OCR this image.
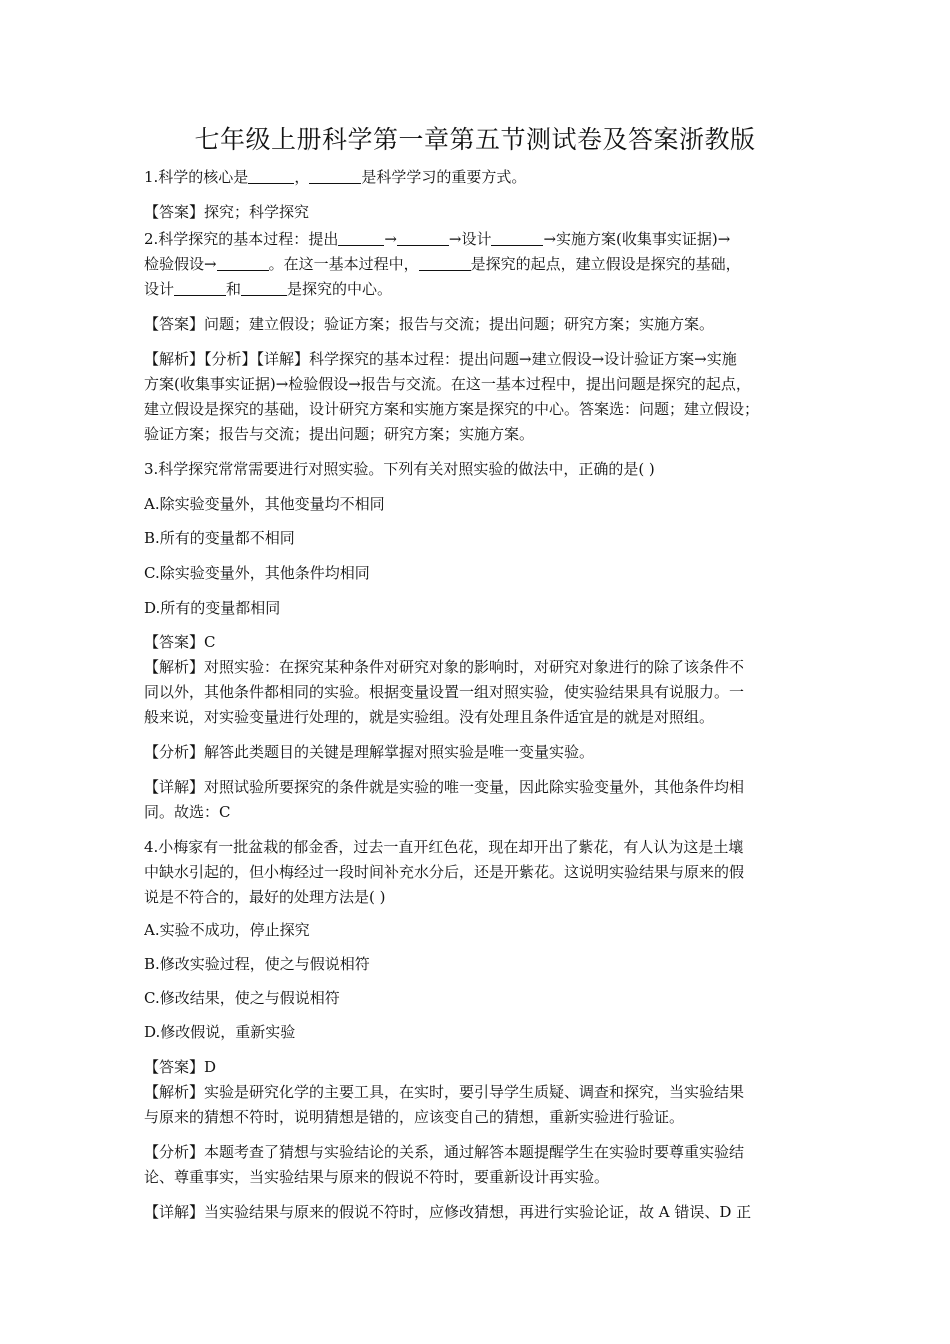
七年级上册科学第一章第五节测试卷及答案浙教版
1.科学的核心是	，	是科学学习的重要方式。
【答案】探究；科学探究
2.科学探究的基本过程：提出	→	→设计	→实施方案(收集事实证据)→
检验假设→	。在这一基本过程中，	是探究的起点，建立假设是探究的基础，
设计	和	是探究的中心。
【答案】问题；建立假设；验证方案；报告与交流；提出问题；研究方案；实施方案。
【解析】【分析】【详解】科学探究的基本过程：提出问题→建立假设→设计验证方案→实施
方案(收集事实证据)→检验假设→报告与交流。在这一基本过程中，提出问题是探究的起点，
建立假设是探究的基础，设计研究方案和实施方案是探究的中心。答案选：问题；建立假设；
验证方案；报告与交流；提出问题；研究方案；实施方案。
3.科学探究常常需要进行对照实验。下列有关对照实验的做法中，正确的是( )
A.除实验变量外，其他变量均不相同
B.所有的变量都不相同
C.除实验变量外，其他条件均相同
D.所有的变量都相同
【答案】C
【解析】对照实验：在探究某种条件对研究对象的影响时，对研究对象进行的除了该条件不
同以外，其他条件都相同的实验。根据变量设置一组对照实验，使实验结果具有说服力。一
般来说，对实验变量进行处理的，就是实验组。没有处理且条件适宜是的就是对照组。
【分析】解答此类题目的关键是理解掌握对照实验是唯一变量实验。
【详解】对照试验所要探究的条件就是实验的唯一变量，因此除实验变量外，其他条件均相
同。故选：C
4.小梅家有一批盆栽的郁金香，过去一直开红色花，现在却开出了紫花，有人认为这是土壤
中缺水引起的，但小梅经过一段时间补充水分后，还是开紫花。这说明实验结果与原来的假
说是不符合的，最好的处理方法是( )
A.实验不成功，停止探究
B.修改实验过程，使之与假说相符
C.修改结果，使之与假说相符
D.修改假说，重新实验
【答案】D
【解析】实验是研究化学的主要工具，在实时，要引导学生质疑、调查和探究，当实验结果
与原来的猜想不符时，说明猜想是错的，应该变自己的猜想，重新实验进行验证。
【分析】本题考查了猜想与实验结论的关系，通过解答本题提醒学生在实验时要尊重实验结
论、尊重事实，当实验结果与原来的假说不符时，要重新设计再实验。
【详解】当实验结果与原来的假说不符时，应修改猜想，再进行实验论证，故 A 错误、D 正
